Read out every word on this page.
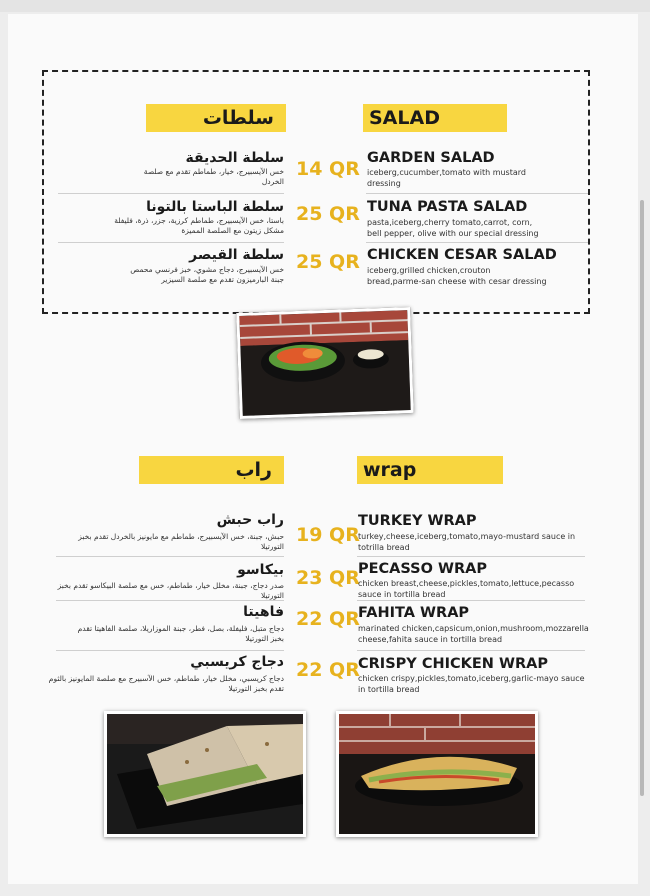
SALAD
سلطات
سلطة الحديقة
خس الآيسبيرج، خيار، طماطم تقدم مع صلصة الخردل
14 QR GARDEN SALAD
iceberg,cucumber,tomato with mustard dressing
سلطة الباستا بالتونا
باستا، خس الآيسبيرج، طماطم كرزية، جزر، ذرة، فليفلة مشكل زيتون مع الصلصة المميزة
25 QR TUNA PASTA SALAD
pasta,iceberg,cherry tomato,carrot, corn, bell pepper, olive with our special dressing
سلطة القيصر
خس الآيسبيرج، دجاج مشوي، خبز فرنسي محمص جبنة البارميزون تقدم مع صلصة السيزير
25 QR CHICKEN CESAR SALAD
iceberg,grilled chicken,crouton bread,parme-san cheese with cesar dressing
wrap
راب
راب حبش
حبش، جبنة، خس الآيسبيرج، طماطم مع مايونيز بالخردل تقدم بخبز التورتيلا
19 QR
TURKEY WRAP
turkey,cheese,iceberg,tomato,mayo-mustard sauce in totrilla bread
بيكاسو
صدر دجاج، جبنة، مخلل خيار، طماطم، خس مع صلصة البيكاسو تقدم بخبز التورتيلا
23 QR
PECASSO WRAP
chicken breast,cheese,pickles,tomato,lettuce,pecasso sauce in tortilla bread
فاهيتا
دجاج متبل، فليفلة، بصل، فطر، جبنة الموزاريلا، صلصة الفاهيتا تقدم بخبز التورتيلا
22 QR
FAHITA WRAP
marinated chicken,capsicum,onion,mushroom,mozzarella cheese,fahita sauce in tortilla bread
دجاج كريسبي
دجاج كريسبي، مخلل خيار، طماطم، خس الآسبيرج مع صلصة المايونيز بالثوم تقدم بخبز التورتيلا
22 QR
CRISPY CHICKEN WRAP
chicken crispy,pickles,tomato,iceberg,garlic-mayo sauce in tortilla bread
